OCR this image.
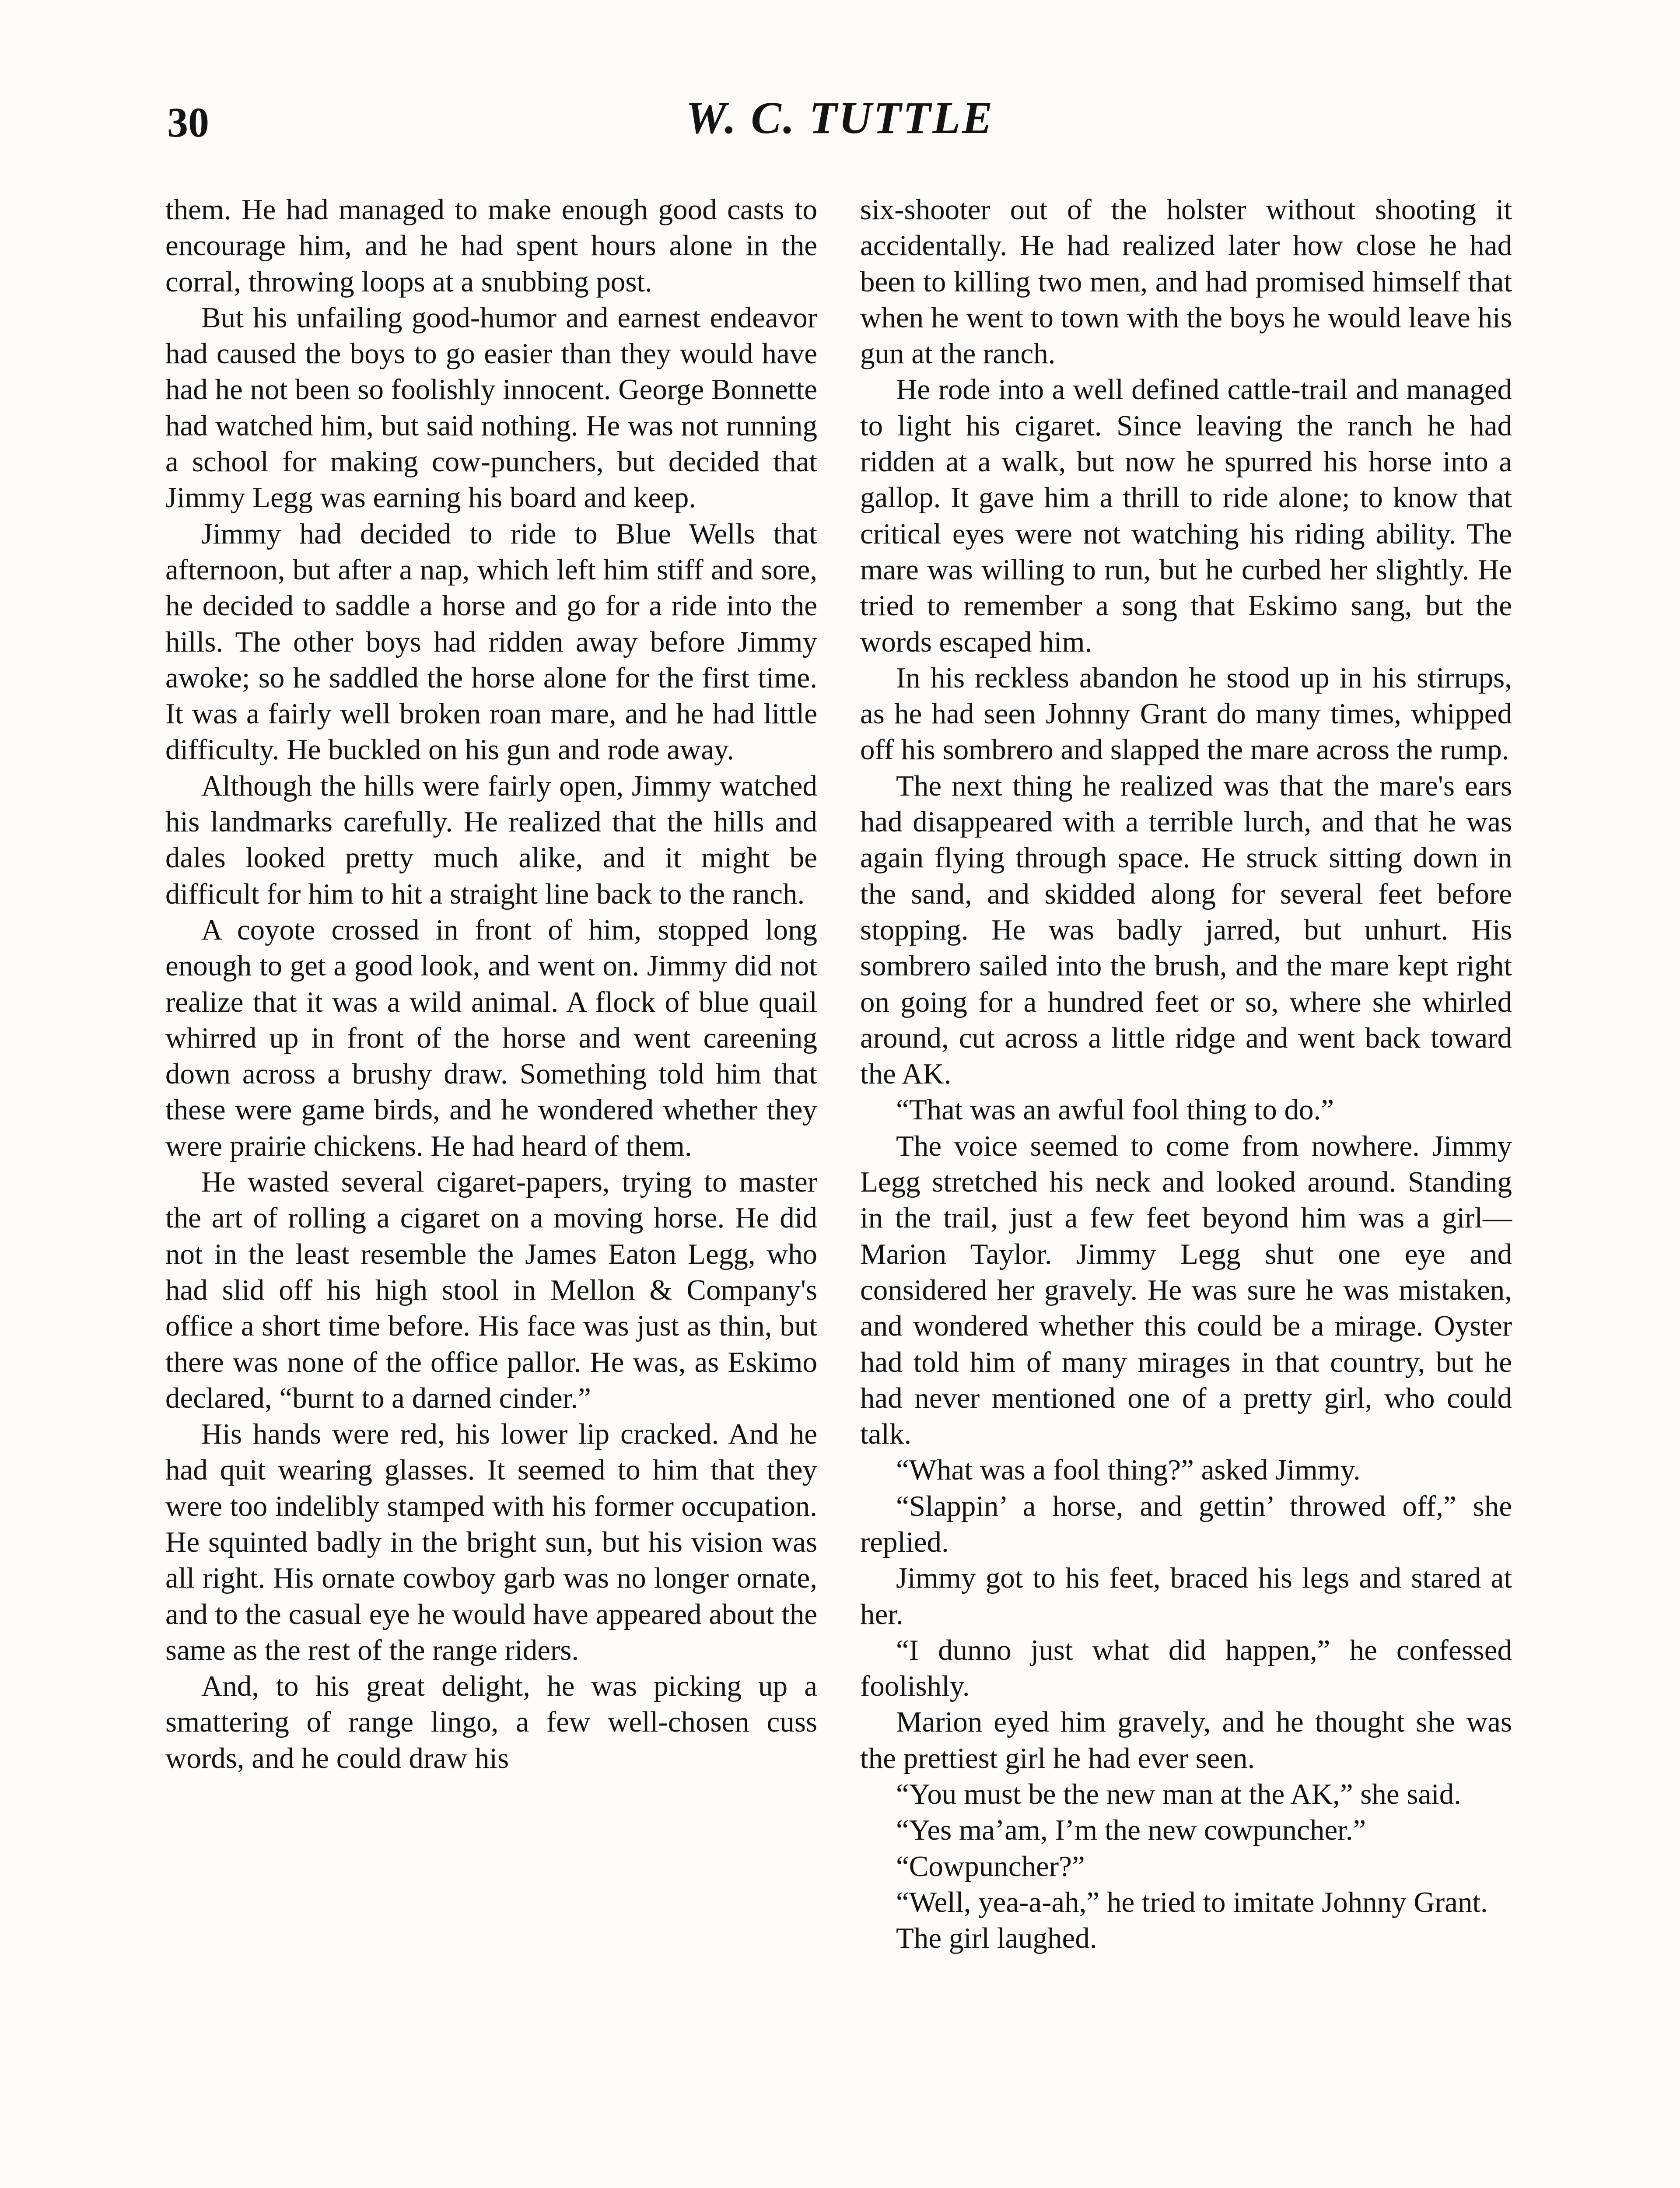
30	W. C. TUTTLE

them. He had managed to make enough good casts to encourage him, and he had spent hours alone in the corral, throwing loops at a snubbing post.

But his unfailing good-humor and earnest endeavor had caused the boys to go easier than they would have had he not been so foolishly innocent. George Bonnette had watched him, but said nothing. He was not running a school for making cow-punchers, but decided that Jimmy Legg was earning his board and keep.

Jimmy had decided to ride to Blue Wells that afternoon, but after a nap, which left him stiff and sore, he decided to saddle a horse and go for a ride into the hills. The other boys had ridden away before Jimmy awoke; so he saddled the horse alone for the first time. It was a fairly well broken roan mare, and he had little difficulty. He buckled on his gun and rode away.

Although the hills were fairly open, Jimmy watched his landmarks carefully. He realized that the hills and dales looked pretty much alike, and it might be difficult for him to hit a straight line back to the ranch.

A coyote crossed in front of him, stopped long enough to get a good look, and went on. Jimmy did not realize that it was a wild animal. A flock of blue quail whirred up in front of the horse and went careening down across a brushy draw. Something told him that these were game birds, and he wondered whether they were prairie chickens. He had heard of them.

He wasted several cigaret-papers, trying to master the art of rolling a cigaret on a moving horse. He did not in the least resemble the James Eaton Legg, who had slid off his high stool in Mellon & Company's office a short time before. His face was just as thin, but there was none of the office pallor. He was, as Eskimo declared, “burnt to a darned cinder.”

His hands were red, his lower lip cracked. And he had quit wearing glasses. It seemed to him that they were too indelibly stamped with his former occupation. He squinted badly in the bright sun, but his vision was all right. His ornate cowboy garb was no longer ornate, and to the casual eye he would have appeared about the same as the rest of the range riders.

And, to his great delight, he was picking up a smattering of range lingo, a few well-chosen cuss words, and he could draw his

six-shooter out of the holster without shooting it accidentally. He had realized later how close he had been to killing two men, and had promised himself that when he went to town with the boys he would leave his gun at the ranch.

He rode into a well defined cattle-trail and managed to light his cigaret. Since leaving the ranch he had ridden at a walk, but now he spurred his horse into a gallop. It gave him a thrill to ride alone; to know that critical eyes were not watching his riding ability. The mare was willing to run, but he curbed her slightly. He tried to remember a song that Eskimo sang, but the words escaped him.

In his reckless abandon he stood up in his stirrups, as he had seen Johnny Grant do many times, whipped off his sombrero and slapped the mare across the rump.

The next thing he realized was that the mare's ears had disappeared with a terrible lurch, and that he was again flying through space. He struck sitting down in the sand, and skidded along for several feet before stopping. He was badly jarred, but unhurt. His sombrero sailed into the brush, and the mare kept right on going for a hundred feet or so, where she whirled around, cut across a little ridge and went back toward the AK.

“That was an awful fool thing to do.”

The voice seemed to come from nowhere. Jimmy Legg stretched his neck and looked around. Standing in the trail, just a few feet beyond him was a girl—Marion Taylor. Jimmy Legg shut one eye and considered her gravely. He was sure he was mistaken, and wondered whether this could be a mirage. Oyster had told him of many mirages in that country, but he had never mentioned one of a pretty girl, who could talk.

“What was a fool thing?” asked Jimmy.

“Slappin’ a horse, and gettin’ throwed off,” she replied.

Jimmy got to his feet, braced his legs and stared at her.

“I dunno just what did happen,” he confessed foolishly.

Marion eyed him gravely, and he thought she was the prettiest girl he had ever seen.

“You must be the new man at the AK,” she said.

“Yes ma’am, I’m the new cowpuncher.”

“Cowpuncher?”

“Well, yea-a-ah,” he tried to imitate Johnny Grant.

The girl laughed.
